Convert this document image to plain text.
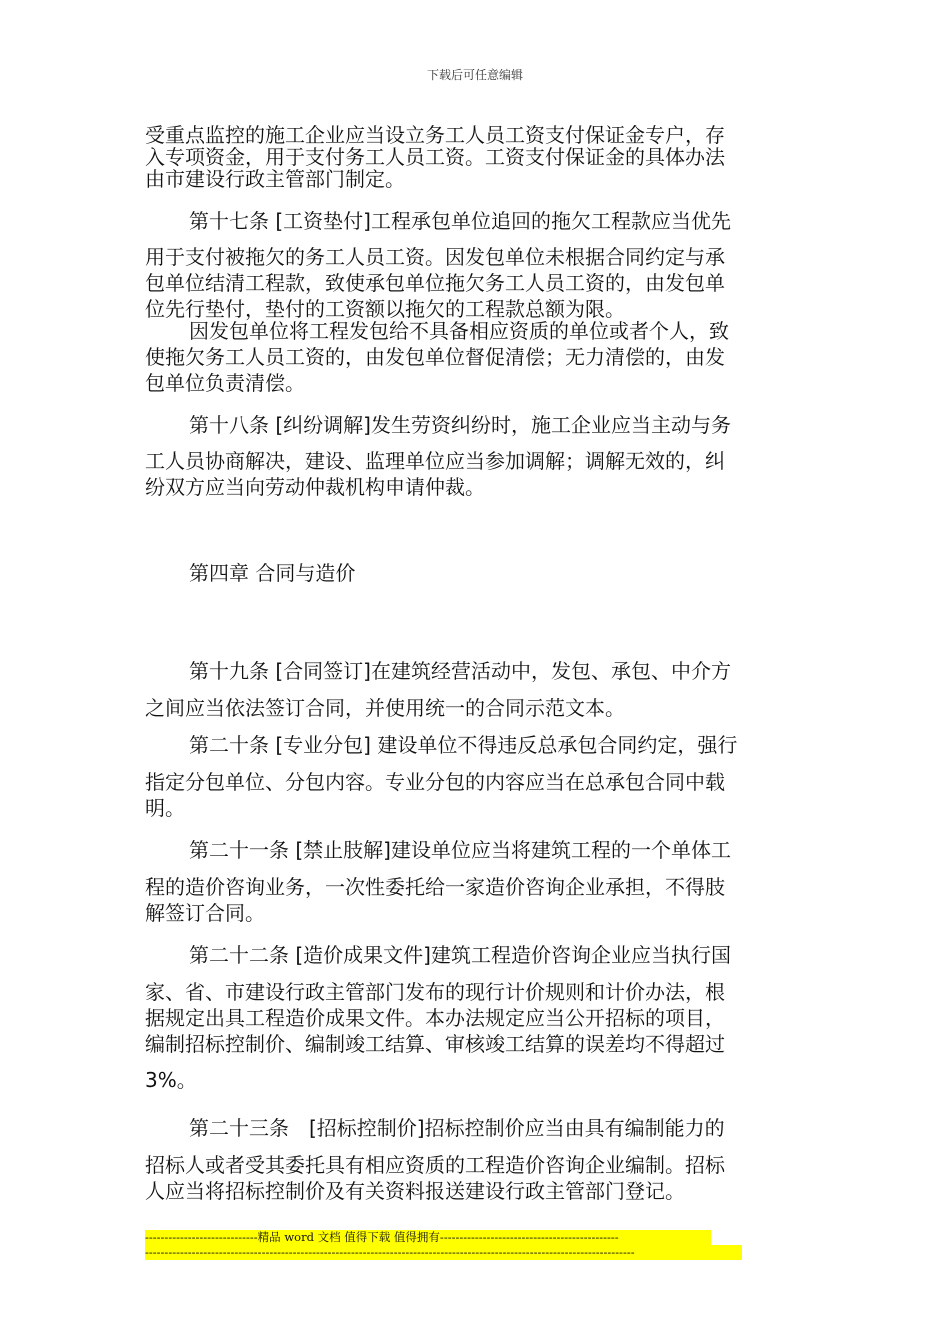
下载后可任意编辑
受重点监控的施工企业应当设立务工人员工资支付保证金专户，存
入专项资金，用于支付务工人员工资。工资支付保证金的具体办法
由市建设行政主管部门制定。
第十七条 [工资垫付]工程承包单位追回的拖欠工程款应当优先
用于支付被拖欠的务工人员工资。因发包单位未根据合同约定与承
包单位结清工程款，致使承包单位拖欠务工人员工资的，由发包单
位先行垫付，垫付的工资额以拖欠的工程款总额为限。
因发包单位将工程发包给不具备相应资质的单位或者个人，致
使拖欠务工人员工资的，由发包单位督促清偿；无力清偿的，由发
包单位负责清偿。
第十八条 [纠纷调解]发生劳资纠纷时，施工企业应当主动与务
工人员协商解决，建设、监理单位应当参加调解；调解无效的，纠
纷双方应当向劳动仲裁机构申请仲裁。
第四章 合同与造价
第十九条 [合同签订]在建筑经营活动中，发包、承包、中介方
之间应当依法签订合同，并使用统一的合同示范文本。
第二十条 [专业分包] 建设单位不得违反总承包合同约定，强行
指定分包单位、分包内容。专业分包的内容应当在总承包合同中载
明。
第二十一条 [禁止肢解]建设单位应当将建筑工程的一个单体工
程的造价咨询业务，一次性委托给一家造价咨询企业承担，不得肢
解签订合同。
第二十二条 [造价成果文件]建筑工程造价咨询企业应当执行国
家、省、市建设行政主管部门发布的现行计价规则和计价办法，根
据规定出具工程造价成果文件。本办法规定应当公开招标的项目，
编制招标控制价、编制竣工结算、审核竣工结算的误差均不得超过
3%。
第二十三条　[招标控制价]招标控制价应当由具有编制能力的
招标人或者受其委托具有相应资质的工程造价咨询企业编制。招标
人应当将招标控制价及有关资料报送建设行政主管部门登记。
-----------------------------精品 word 文档 值得下载 值得拥有----------------------------------------------
------------------------------------------------------------------------------------------------------------------------------
